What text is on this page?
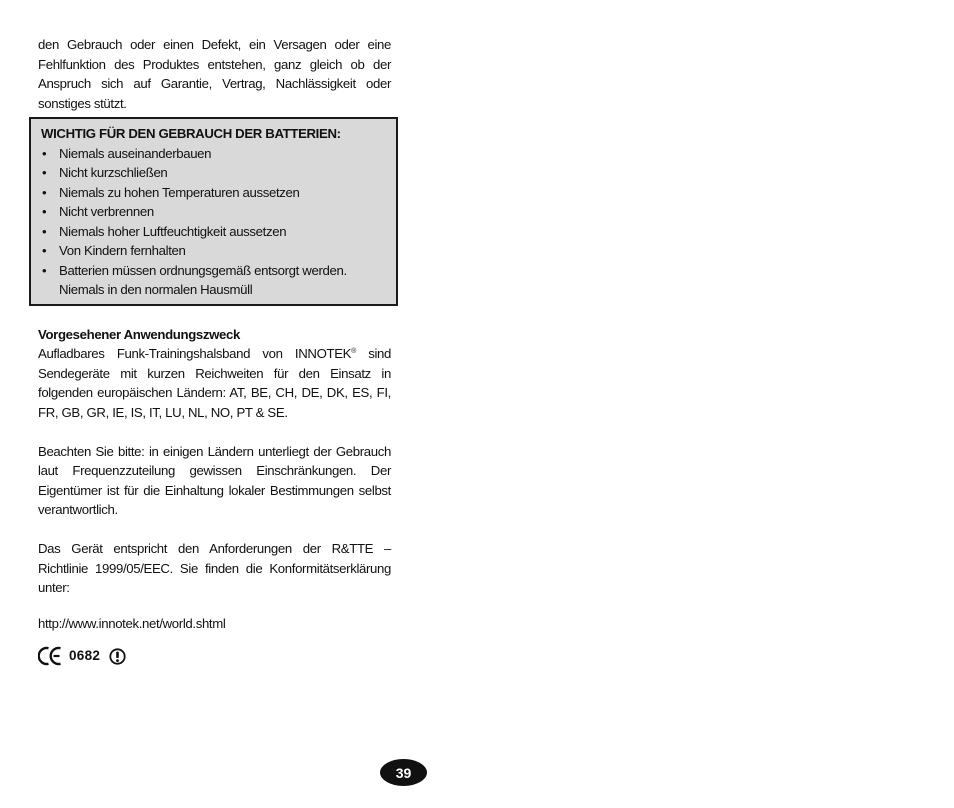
den Gebrauch oder einen Defekt, ein Versagen oder eine Fehlfunktion des Produktes entstehen, ganz gleich ob der Anspruch sich auf Garantie, Vertrag, Nachlässigkeit oder sonstiges stützt.

WICHTIG FÜR DEN GEBRAUCH DER BATTERIEN:

• Niemals auseinanderbauen
• Nicht kurzschließen
• Niemals zu hohen Temperaturen aussetzen
• Nicht verbrennen
• Niemals hoher Luftfeuchtigkeit aussetzen
• Von Kindern fernhalten
• Batterien müssen ordnungsgemäß entsorgt werden. Niemals in den normalen Hausmüll

Vorgesehener Anwendungszweck

Aufladbares Funk-Trainingshalsband von INNOTEK® sind Sendegeräte mit kurzen Reichweiten für den Einsatz in folgenden europäischen Ländern: AT, BE, CH, DE, DK, ES, FI, FR, GB, GR, IE, IS, IT, LU, NL, NO, PT & SE.

Beachten Sie bitte: in einigen Ländern unterliegt der Gebrauch laut Frequenzzuteilung gewissen Einschränkungen. Der Eigentümer ist für die Einhaltung lokaler Bestimmungen selbst verantwortlich.

Das Gerät entspricht den Anforderungen der R&TTE – Richtlinie 1999/05/EEC. Sie finden die Konformitätserklärung unter:

http://www.innotek.net/world.shtml

0682
39
